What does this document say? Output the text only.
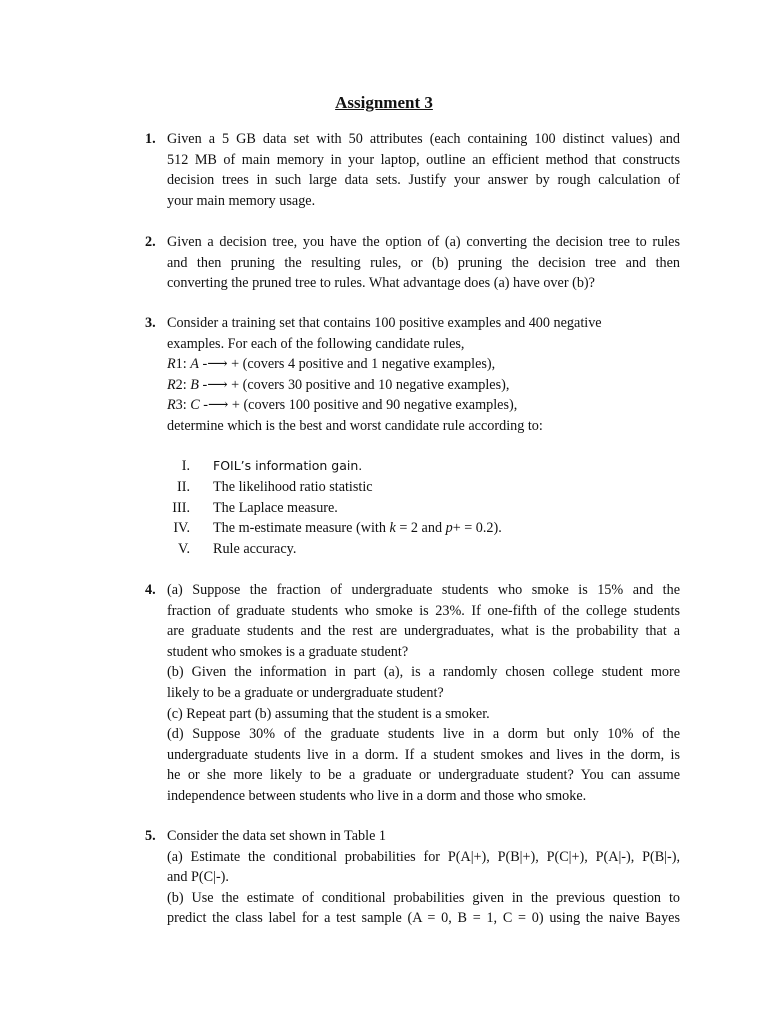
Assignment 3
1. Given a 5 GB data set with 50 attributes (each containing 100 distinct values) and
512 MB of main memory in your laptop, outline an efficient method that constructs
decision trees in such large data sets. Justify your answer by rough calculation of
your main memory usage.
2. Given a decision tree, you have the option of (a) converting the decision tree to rules
and then pruning the resulting rules, or (b) pruning the decision tree and then
converting the pruned tree to rules. What advantage does (a) have over (b)?
3. Consider a training set that contains 100 positive examples and 400 negative
examples. For each of the following candidate rules,
R1: A -⟶ + (covers 4 positive and 1 negative examples),
R2: B -⟶ + (covers 30 positive and 10 negative examples),
R3: C -⟶ + (covers 100 positive and 90 negative examples),
determine which is the best and worst candidate rule according to:
I. FOIL’s information gain.
II. The likelihood ratio statistic
III. The Laplace measure.
IV. The m-estimate measure (with k = 2 and p+ = 0.2).
V. Rule accuracy.
4. (a) Suppose the fraction of undergraduate students who smoke is 15% and the
fraction of graduate students who smoke is 23%. If one-fifth of the college students
are graduate students and the rest are undergraduates, what is the probability that a
student who smokes is a graduate student?
(b) Given the information in part (a), is a randomly chosen college student more
likely to be a graduate or undergraduate student?
(c) Repeat part (b) assuming that the student is a smoker.
(d) Suppose 30% of the graduate students live in a dorm but only 10% of the
undergraduate students live in a dorm. If a student smokes and lives in the dorm, is
he or she more likely to be a graduate or undergraduate student? You can assume
independence between students who live in a dorm and those who smoke.
5. Consider the data set shown in Table 1
(a) Estimate the conditional probabilities for P(A|+), P(B|+), P(C|+), P(A|-), P(B|-),
and P(C|-).
(b) Use the estimate of conditional probabilities given in the previous question to
predict the class label for a test sample (A = 0, B = 1, C = 0) using the naive Bayes
